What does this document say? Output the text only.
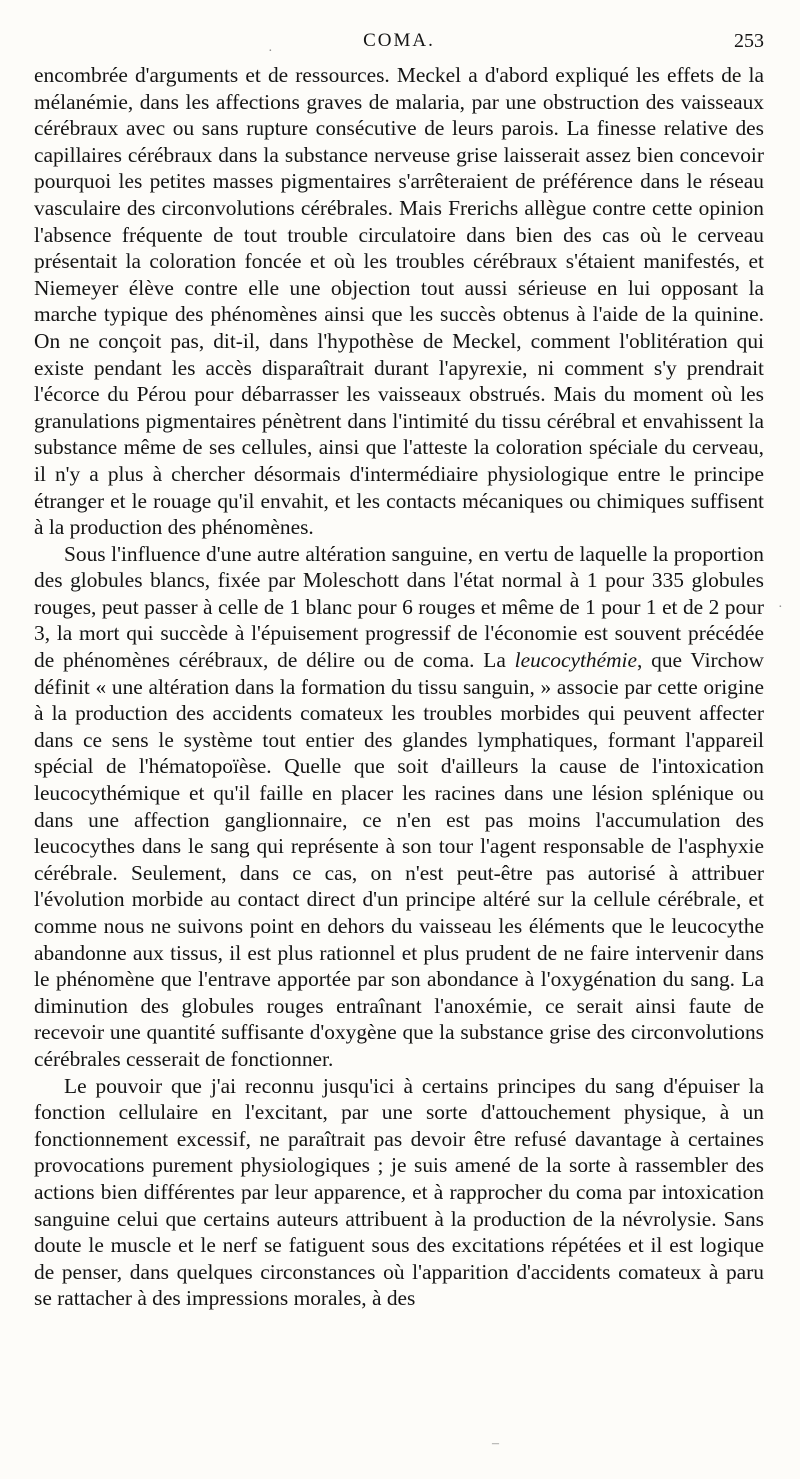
COMA.	253

encombrée d'arguments et de ressources. Meckel a d'abord expliqué les effets de la mélanémie, dans les affections graves de malaria, par une obstruction des vaisseaux cérébraux avec ou sans rupture consécutive de leurs parois. La finesse relative des capillaires cérébraux dans la substance nerveuse grise laisserait assez bien concevoir pourquoi les petites masses pigmentaires s'arrêteraient de préférence dans le réseau vasculaire des circonvolutions cérébrales. Mais Frerichs allègue contre cette opinion l'absence fréquente de tout trouble circulatoire dans bien des cas où le cerveau présentait la coloration foncée et où les troubles cérébraux s'étaient manifestés, et Niemeyer élève contre elle une objection tout aussi sérieuse en lui opposant la marche typique des phénomènes ainsi que les succès obtenus à l'aide de la quinine. On ne conçoit pas, dit-il, dans l'hypothèse de Meckel, comment l'oblitération qui existe pendant les accès disparaîtrait durant l'apyrexie, ni comment s'y prendrait l'écorce du Pérou pour débarrasser les vaisseaux obstrués. Mais du moment où les granulations pigmentaires pénètrent dans l'intimité du tissu cérébral et envahissent la substance même de ses cellules, ainsi que l'atteste la coloration spéciale du cerveau, il n'y a plus à chercher désormais d'intermédiaire physiologique entre le principe étranger et le rouage qu'il envahit, et les contacts mécaniques ou chimiques suffisent à la production des phénomènes.

Sous l'influence d'une autre altération sanguine, en vertu de laquelle la proportion des globules blancs, fixée par Moleschott dans l'état normal à 1 pour 335 globules rouges, peut passer à celle de 1 blanc pour 6 rouges et même de 1 pour 1 et de 2 pour 3, la mort qui succède à l'épuisement progressif de l'économie est souvent précédée de phénomènes cérébraux, de délire ou de coma. La leucocythémie, que Virchow définit « une altération dans la formation du tissu sanguin, » associe par cette origine à la production des accidents comateux les troubles morbides qui peuvent affecter dans ce sens le système tout entier des glandes lymphatiques, formant l'appareil spécial de l'hématopoïèse. Quelle que soit d'ailleurs la cause de l'intoxication leucocythémique et qu'il faille en placer les racines dans une lésion splénique ou dans une affection ganglionnaire, ce n'en est pas moins l'accumulation des leucocythes dans le sang qui représente à son tour l'agent responsable de l'asphyxie cérébrale. Seulement, dans ce cas, on n'est peut-être pas autorisé à attribuer l'évolution morbide au contact direct d'un principe altéré sur la cellule cérébrale, et comme nous ne suivons point en dehors du vaisseau les éléments que le leucocythe abandonne aux tissus, il est plus rationnel et plus prudent de ne faire intervenir dans le phénomène que l'entrave apportée par son abondance à l'oxygénation du sang. La diminution des globules rouges entraînant l'anoxémie, ce serait ainsi faute de recevoir une quantité suffisante d'oxygène que la substance grise des circonvolutions cérébrales cesserait de fonctionner.

Le pouvoir que j'ai reconnu jusqu'ici à certains principes du sang d'épuiser la fonction cellulaire en l'excitant, par une sorte d'attouchement physique, à un fonctionnement excessif, ne paraîtrait pas devoir être refusé davantage à certaines provocations purement physiologiques ; je suis amené de la sorte à rassembler des actions bien différentes par leur apparence, et à rapprocher du coma par intoxication sanguine celui que certains auteurs attribuent à la production de la névrolysie. Sans doute le muscle et le nerf se fatiguent sous des excitations répétées et il est logique de penser, dans quelques circonstances où l'apparition d'accidents comateux à paru se rattacher à des impressions morales, à des

·
·
–
